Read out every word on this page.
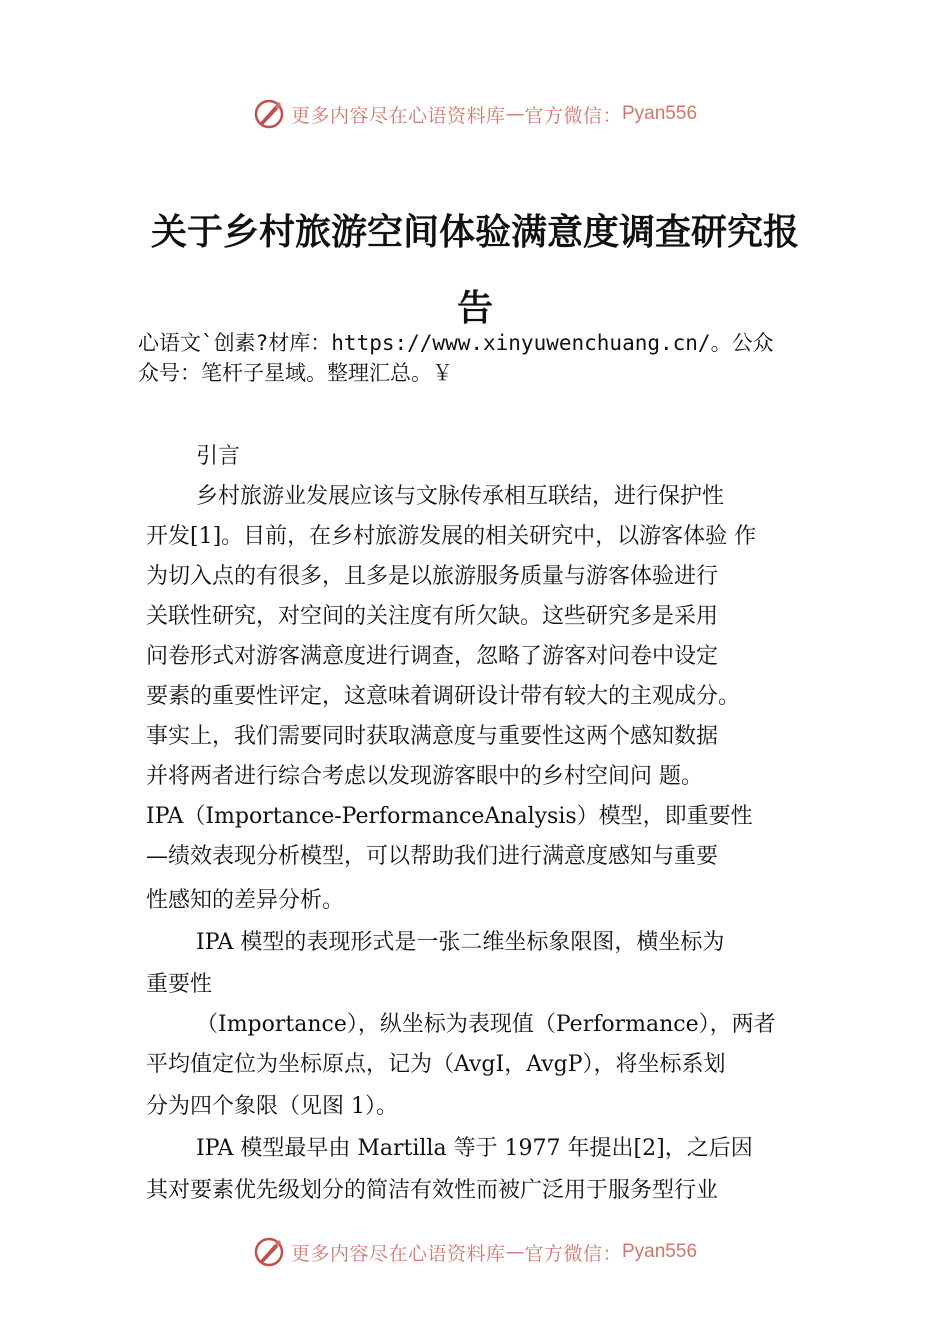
更多内容尽在心语资料库 — 官方微信： Pyan556
关于乡村旅游空间体验满意度调查研究报
告
心语文`创素?材库：https://www.xinyuwenchuang.cn/。公众
众号：笔杆子星域。整理汇总。￥
引言
乡村旅游业发展应该与文脉传承相互联结，进行保护性
开发[1]。目前，在乡村旅游发展的相关研究中，以游客体验 作
为切入点的有很多，且多是以旅游服务质量与游客体验进行
关联性研究，对空间的关注度有所欠缺。这些研究多是采用
问卷形式对游客满意度进行调查，忽略了游客对问卷中设定
要素的重要性评定，这意味着调研设计带有较大的主观成分。
事实上，我们需要同时获取满意度与重要性这两个感知数据
并将两者进行综合考虑以发现游客眼中的乡村空间问 题。
IPA（Importance-PerformanceAnalysis）模型，即重要性
—绩效表现分析模型，可以帮助我们进行满意度感知与重要
性感知的差异分析。
IPA 模型的表现形式是一张二维坐标象限图，横坐标为
重要性
（Importance），纵坐标为表现值（Performance），两者
平均值定位为坐标原点，记为（AvgI，AvgP），将坐标系划
分为四个象限（见图 1）。
IPA 模型最早由 Martilla 等于 1977 年提出[2]，之后因
其对要素优先级划分的简洁有效性而被广泛用于服务型行业
更多内容尽在心语资料库 — 官方微信： Pyan556
